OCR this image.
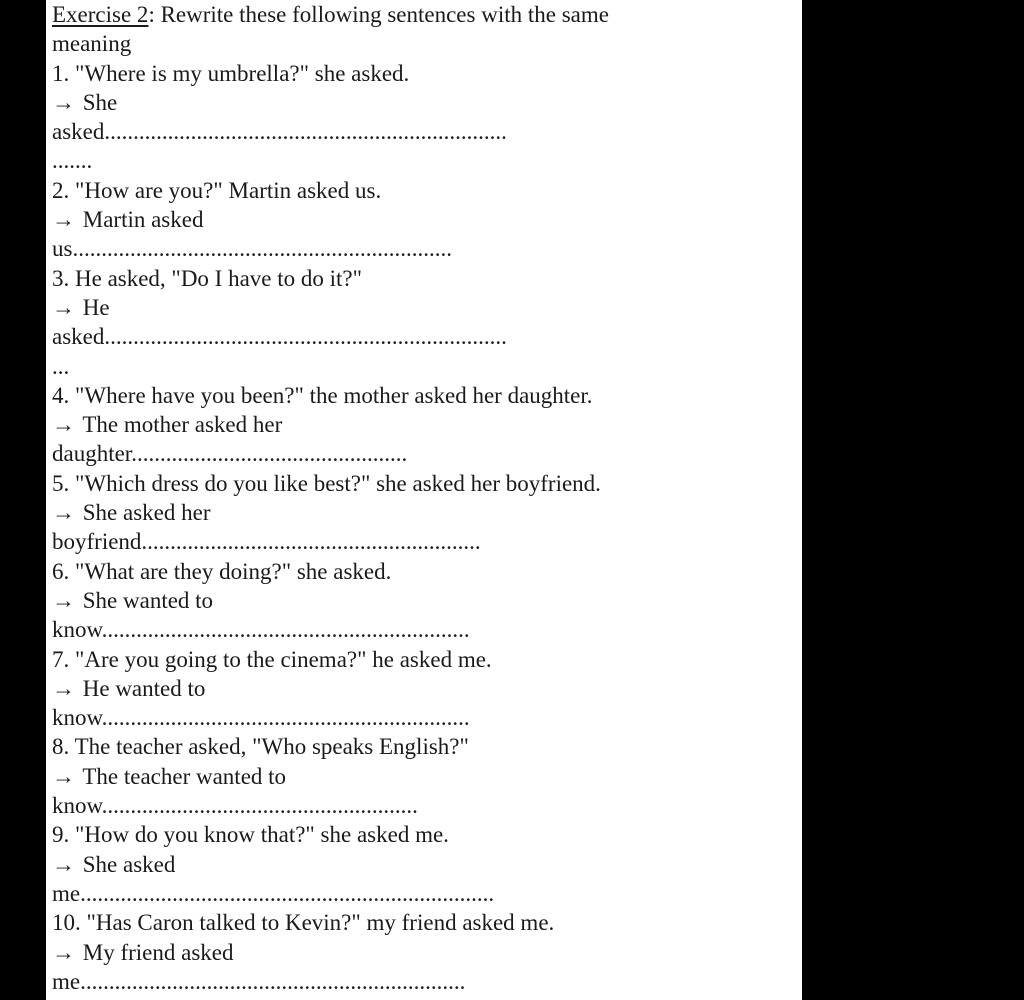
Exercise 2: Rewrite these following sentences with the same
meaning
1. "Where is my umbrella?" she asked.
→ She
asked......................................................................
.......
2. "How are you?" Martin asked us.
→ Martin asked
us..................................................................
3. He asked, "Do I have to do it?"
→ He
asked......................................................................
...
4. "Where have you been?" the mother asked her daughter.
→ The mother asked her
daughter................................................
5. "Which dress do you like best?" she asked her boyfriend.
→ She asked her
boyfriend...........................................................
6. "What are they doing?" she asked.
→ She wanted to
know................................................................
7. "Are you going to the cinema?" he asked me.
→ He wanted to
know................................................................
8. The teacher asked, "Who speaks English?"
→ The teacher wanted to
know.......................................................
9. "How do you know that?" she asked me.
→ She asked
me........................................................................
10. "Has Caron talked to Kevin?" my friend asked me.
→ My friend asked
me...................................................................
